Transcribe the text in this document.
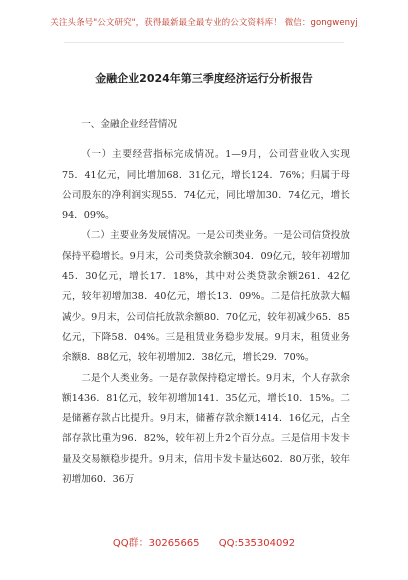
关注头条号"公文研究"，获得最新最全最专业的公文资料库！ 微信：gongwenyj
金融企业2024年第三季度经济运行分析报告

一、金融企业经营情况

（一）主要经营指标完成情况。1—9月，公司营业收入实现75．41亿元，同比增加68．31亿元，增长124．76%；归属于母公司股东的净利润实现55．74亿元，同比增加30．74亿元，增长94．09%。

（二）主要业务发展情况。一是公司类业务。一是公司信贷投放保持平稳增长。9月末，公司类贷款余额304．09亿元，较年初增加45．30亿元，增长17．18%，其中对公类贷款余额261．42亿元，较年初增加38．40亿元，增长13．09%。二是信托放款大幅减少。9月末，公司信托放款余额80．70亿元，较年初减少65．85亿元，下降58．04%。三是租赁业务稳步发展。9月末，租赁业务余额8．88亿元，较年初增加2．38亿元，增长29．70%。

二是个人类业务。一是存款保持稳定增长。9月末，个人存款余额1436．81亿元，较年初增加141．35亿元，增长10．15%。二是储蓄存款占比提升。9月末，储蓄存款余额1414．16亿元，占全部存款比重为96．82%，较年初上升2个百分点。三是信用卡发卡量及交易额稳步提升。9月末，信用卡发卡量达602．80万张，较年初增加60．36万

QQ群：30265665 QQ:535304092
